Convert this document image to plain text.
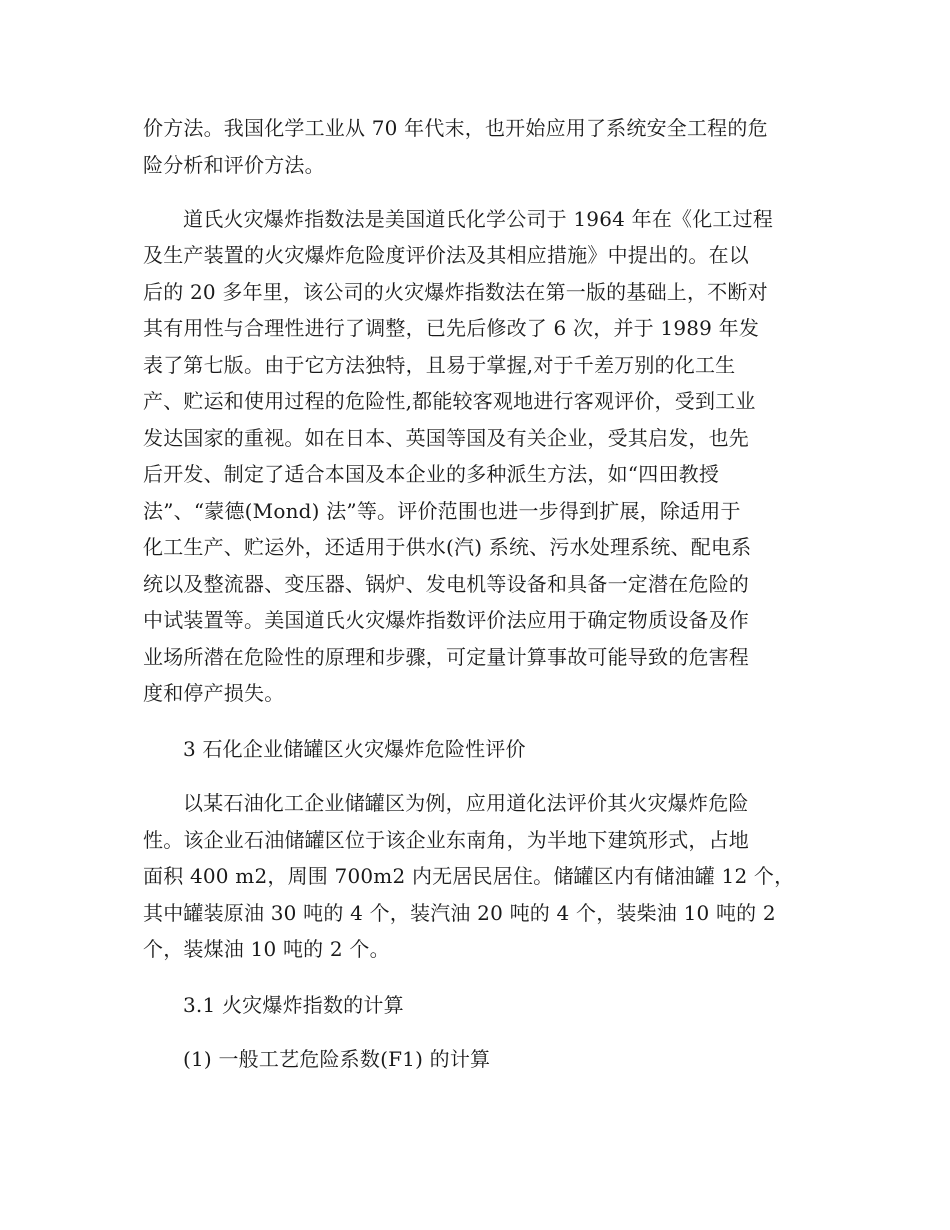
价方法。我国化学工业从 70 年代末，也开始应用了系统安全工程的危
险分析和评价方法。
道氏火灾爆炸指数法是美国道氏化学公司于 1964 年在《化工过程
及生产装置的火灾爆炸危险度评价法及其相应措施》中提出的。在以
后的 20 多年里，该公司的火灾爆炸指数法在第一版的基础上，不断对
其有用性与合理性进行了调整，已先后修改了 6 次，并于 1989 年发
表了第七版。由于它方法独特，且易于掌握,对于千差万别的化工生
产、贮运和使用过程的危险性,都能较客观地进行客观评价，受到工业
发达国家的重视。如在日本、英国等国及有关企业，受其启发，也先
后开发、制定了适合本国及本企业的多种派生方法，如“四田教授
法”、“蒙德(Mond) 法”等。评价范围也进一步得到扩展，除适用于
化工生产、贮运外，还适用于供水(汽) 系统、污水处理系统、配电系
统以及整流器、变压器、锅炉、发电机等设备和具备一定潜在危险的
中试装置等。美国道氏火灾爆炸指数评价法应用于确定物质设备及作
业场所潜在危险性的原理和步骤，可定量计算事故可能导致的危害程
度和停产损失。
3 石化企业储罐区火灾爆炸危险性评价
以某石油化工企业储罐区为例，应用道化法评价其火灾爆炸危险
性。该企业石油储罐区位于该企业东南角，为半地下建筑形式，占地
面积 400 m2，周围 700m2 内无居民居住。储罐区内有储油罐 12 个，
其中罐装原油 30 吨的 4 个，装汽油 20 吨的 4 个，装柴油 10 吨的 2
个，装煤油 10 吨的 2 个。
3.1 火灾爆炸指数的计算
(1) 一般工艺危险系数(F1) 的计算
